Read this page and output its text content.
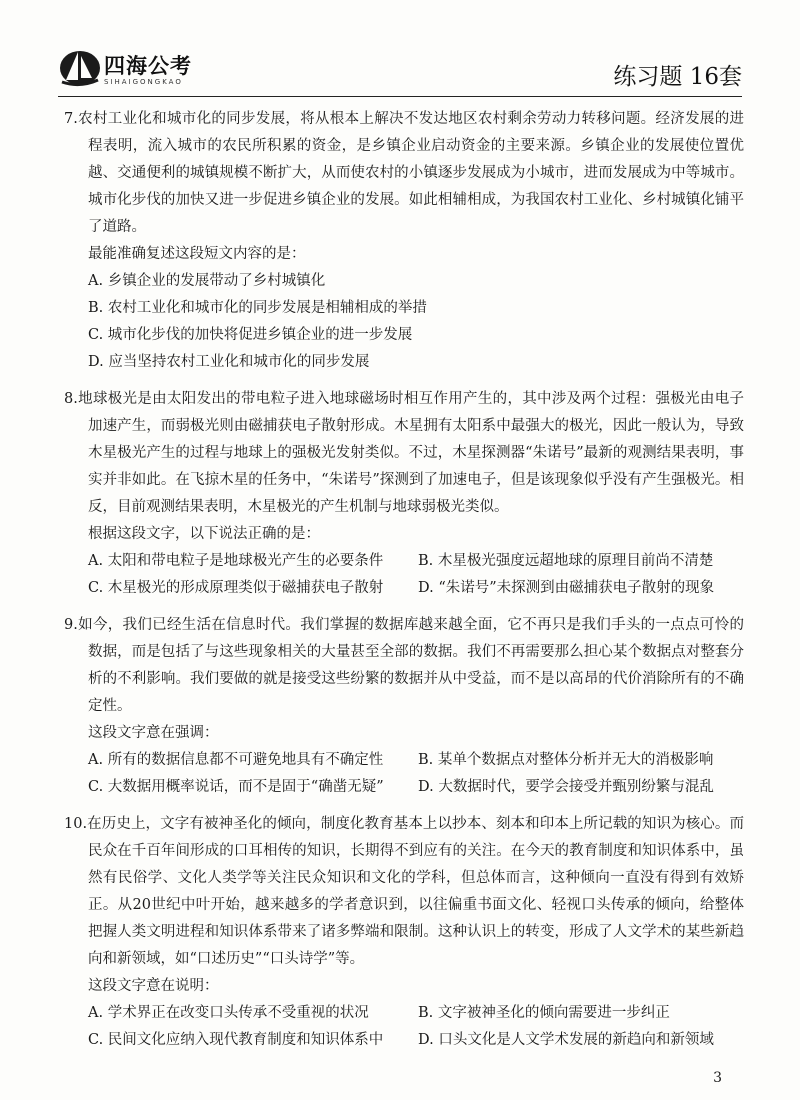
四海公考
SIHAIGONGKAO	练习题 16套
7.农村工业化和城市化的同步发展，将从根本上解决不发达地区农村剩余劳动力转移问题。经济发展的进程表明，流入城市的农民所积累的资金，是乡镇企业启动资金的主要来源。乡镇企业的发展使位置优越、交通便利的城镇规模不断扩大，从而使农村的小镇逐步发展成为小城市，进而发展成为中等城市。城市化步伐的加快又进一步促进乡镇企业的发展。如此相辅相成，为我国农村工业化、乡村城镇化铺平了道路。
最能准确复述这段短文内容的是：
A. 乡镇企业的发展带动了乡村城镇化
B. 农村工业化和城市化的同步发展是相辅相成的举措
C. 城市化步伐的加快将促进乡镇企业的进一步发展
D. 应当坚持农村工业化和城市化的同步发展
8.地球极光是由太阳发出的带电粒子进入地球磁场时相互作用产生的，其中涉及两个过程：强极光由电子加速产生，而弱极光则由磁捕获电子散射形成。木星拥有太阳系中最强大的极光，因此一般认为，导致木星极光产生的过程与地球上的强极光发射类似。不过，木星探测器“朱诺号”最新的观测结果表明，事实并非如此。在飞掠木星的任务中，“朱诺号”探测到了加速电子，但是该现象似乎没有产生强极光。相反，目前观测结果表明，木星极光的产生机制与地球弱极光类似。
根据这段文字，以下说法正确的是：
A. 太阳和带电粒子是地球极光产生的必要条件	B. 木星极光强度远超地球的原理目前尚不清楚
C. 木星极光的形成原理类似于磁捕获电子散射	D. “朱诺号”未探测到由磁捕获电子散射的现象
9.如今，我们已经生活在信息时代。我们掌握的数据库越来越全面，它不再只是我们手头的一点点可怜的数据，而是包括了与这些现象相关的大量甚至全部的数据。我们不再需要那么担心某个数据点对整套分析的不利影响。我们要做的就是接受这些纷繁的数据并从中受益，而不是以高昂的代价消除所有的不确定性。
这段文字意在强调：
A. 所有的数据信息都不可避免地具有不确定性	B. 某单个数据点对整体分析并无大的消极影响
C. 大数据用概率说话，而不是固于“确凿无疑”	D. 大数据时代，要学会接受并甄别纷繁与混乱
10.在历史上，文字有被神圣化的倾向，制度化教育基本上以抄本、刻本和印本上所记载的知识为核心。而民众在千百年间形成的口耳相传的知识，长期得不到应有的关注。在今天的教育制度和知识体系中，虽然有民俗学、文化人类学等关注民众知识和文化的学科，但总体而言，这种倾向一直没有得到有效矫正。从20世纪中叶开始，越来越多的学者意识到，以往偏重书面文化、轻视口头传承的倾向，给整体把握人类文明进程和知识体系带来了诸多弊端和限制。这种认识上的转变，形成了人文学术的某些新趋向和新领域，如“口述历史”“口头诗学”等。
这段文字意在说明：
A. 学术界正在改变口头传承不受重视的状况	B. 文字被神圣化的倾向需要进一步纠正
C. 民间文化应纳入现代教育制度和知识体系中	D. 口头文化是人文学术发展的新趋向和新领域
3
